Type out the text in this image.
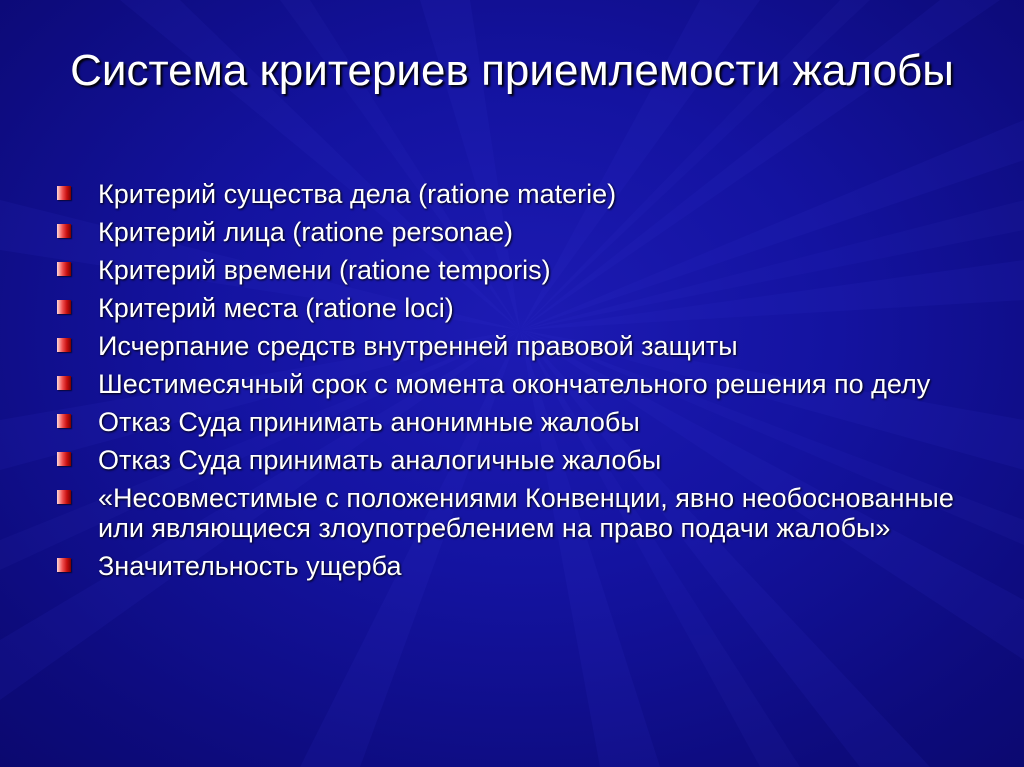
Система критериев приемлемости жалобы
Критерий существа дела (ratione materie)
Критерий лица (ratione personae)
Критерий времени (ratione temporis)
Критерий места (ratione loci)
Исчерпание средств внутренней правовой защиты
Шестимесячный срок с момента окончательного решения по делу
Отказ Суда принимать анонимные жалобы
Отказ Суда принимать аналогичные жалобы
«Несовместимые с положениями Конвенции, явно необоснованные или являющиеся злоупотреблением на право подачи жалобы»
Значительность ущерба
